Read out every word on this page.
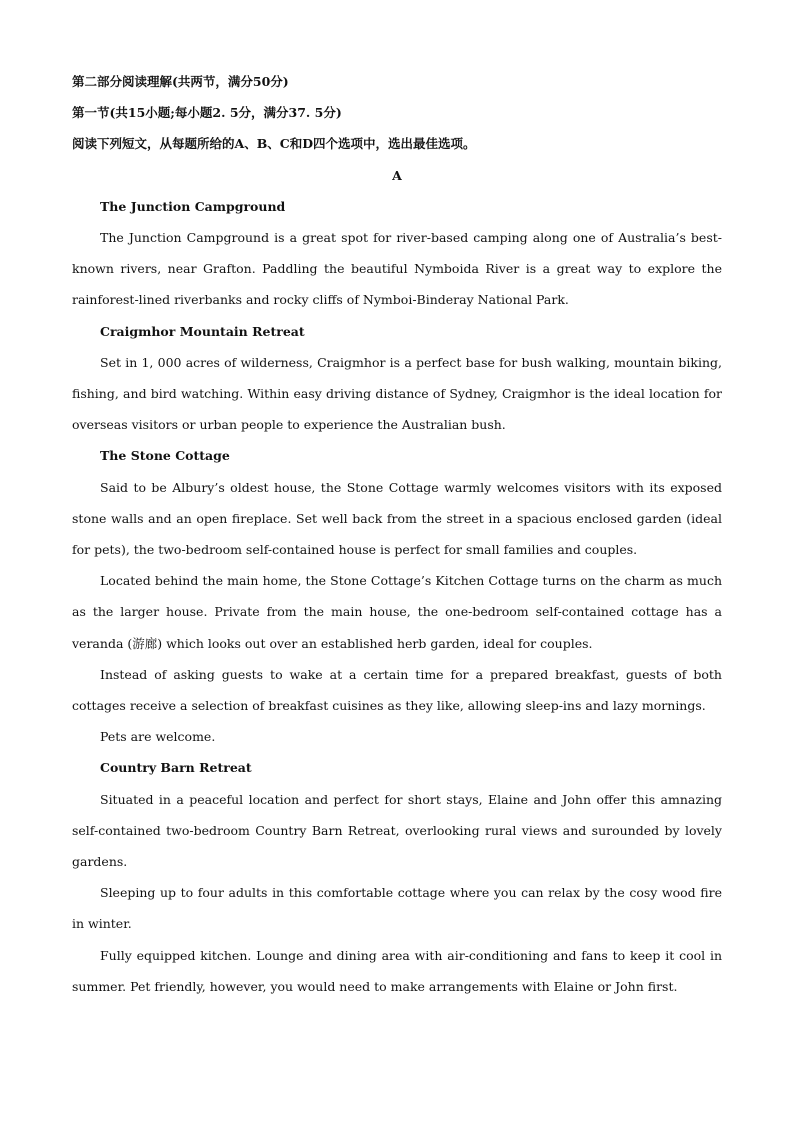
第二部分阅读理解(共两节，满分50分)
第一节(共15小题;每小题2. 5分，满分37. 5分)
阅读下列短文，从每题所给的A、B、C和D四个选项中，选出最佳选项。
A

The Junction Campground

The Junction Campground is a great spot for river-based camping along one of Australia’s best-known rivers, near Grafton. Paddling the beautiful Nymboida River is a great way to explore the rainforest-lined riverbanks and rocky cliffs of Nymboi-Binderay National Park.

Craigmhor Mountain Retreat

Set in 1, 000 acres of wilderness, Craigmhor is a perfect base for bush walking, mountain biking, fishing, and bird watching. Within easy driving distance of Sydney, Craigmhor is the ideal location for overseas visitors or urban people to experience the Australian bush.

The Stone Cottage

Said to be Albury’s oldest house, the Stone Cottage warmly welcomes visitors with its exposed stone walls and an open fireplace. Set well back from the street in a spacious enclosed garden (ideal for pets), the two-bedroom self-contained house is perfect for small families and couples.

Located behind the main home, the Stone Cottage’s Kitchen Cottage turns on the charm as much as the larger house. Private from the main house, the one-bedroom self-contained cottage has a veranda (游廊) which looks out over an established herb garden, ideal for couples.

Instead of asking guests to wake at a certain time for a prepared breakfast, guests of both cottages receive a selection of breakfast cuisines as they like, allowing sleep-ins and lazy mornings.

Pets are welcome.

Country Barn Retreat

Situated in a peaceful location and perfect for short stays, Elaine and John offer this amnazing self-contained two-bedroom Country Barn Retreat, overlooking rural views and surounded by lovely gardens.

Sleeping up to four adults in this comfortable cottage where you can relax by the cosy wood fire in winter.

Fully equipped kitchen. Lounge and dining area with air-conditioning and fans to keep it cool in summer. Pet friendly, however, you would need to make arrangements with Elaine or John first.
